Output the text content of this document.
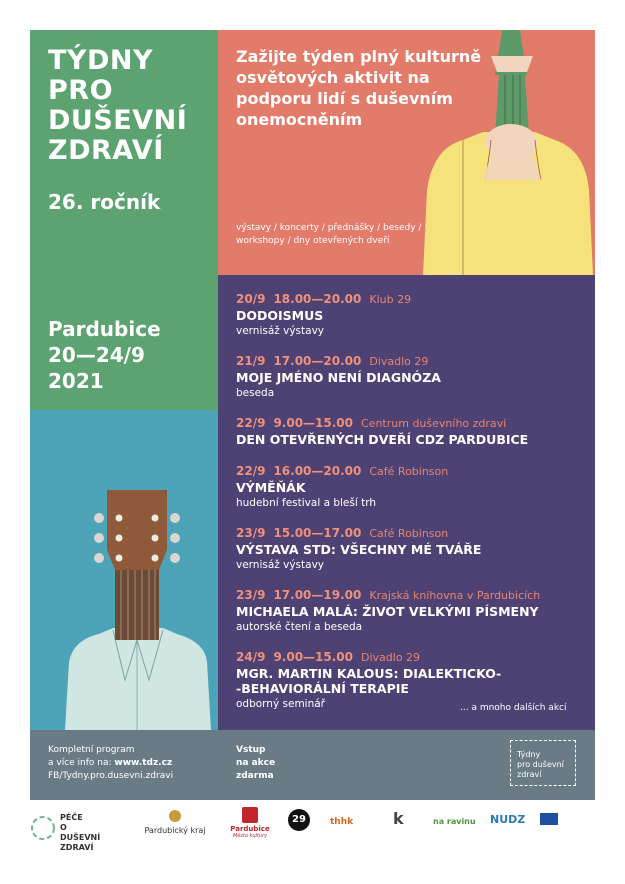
TÝDNY
PRO
DUŠEVNÍ
ZDRAVÍ
26. ročník
Pardubice
20—24/9
2021
Zažijte týden plný kulturně osvětových aktivit na podporu lidí s duševním onemocněním
výstavy / koncerty / přednášky / besedy / workshopy / dny otevřených dveří
20/9 18.00—20.00 Klub 29
DODOISMUS
vernisáž výstavy
21/9 17.00—20.00 Divadlo 29
MOJE JMÉNO NENÍ DIAGNÓZA
beseda
22/9 9.00—15.00 Centrum duševního zdraví
DEN OTEVŘENÝCH DVEŘÍ CDZ PARDUBICE
22/9 16.00—20.00 Café Robinson
VÝMĚŇÁK
hudební festival a bleší trh
23/9 15.00—17.00 Café Robinson
VÝSTAVA STD: VŠECHNY MÉ TVÁŘE
vernisáž výstavy
23/9 17.00—19.00 Krajská knihovna v Pardubicích
MICHAELA MALÁ: ŽIVOT VELKÝMI PÍSMENY
autorské čtení a beseda
24/9 9.00—15.00 Divadlo 29
MGR. MARTIN KALOUS: DIALEKTICKO-
-BEHAVIORÁLNÍ TERAPIE
odborný seminář	... a mnoho dalších akcí
Kompletní program
a více info na: www.tdz.cz
FB/Tydny.pro.dusevni.zdravi
Vstup
na akce
zdarma
Týdny
pro duševní
zdraví
PÉČE
O DUŠEVNÍ
ZDRAVÍ
Pardubický kraj	Pardubice
Město kultury
29	thhk k	na ravinu NUDZ
